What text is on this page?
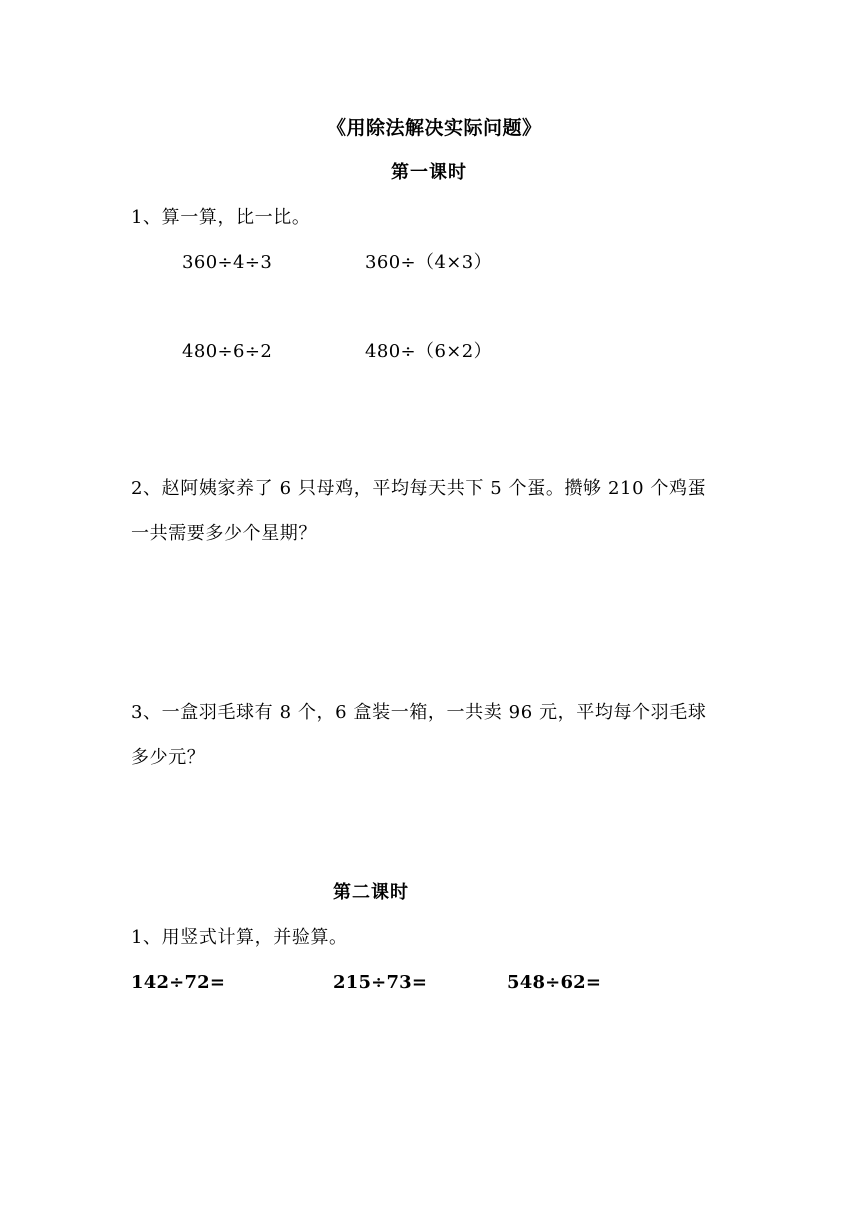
《用除法解决实际问题》
第一课时
1、算一算，比一比。
360÷4÷3	360÷（4×3）
480÷6÷2	480÷（6×2）
2、赵阿姨家养了 6 只母鸡，平均每天共下 5 个蛋。攒够 210 个鸡蛋
一共需要多少个星期？
3、一盒羽毛球有 8 个，6 盒装一箱，一共卖 96 元，平均每个羽毛球
多少元？
第二课时
1、用竖式计算，并验算。
142÷72=	215÷73=	548÷62=
